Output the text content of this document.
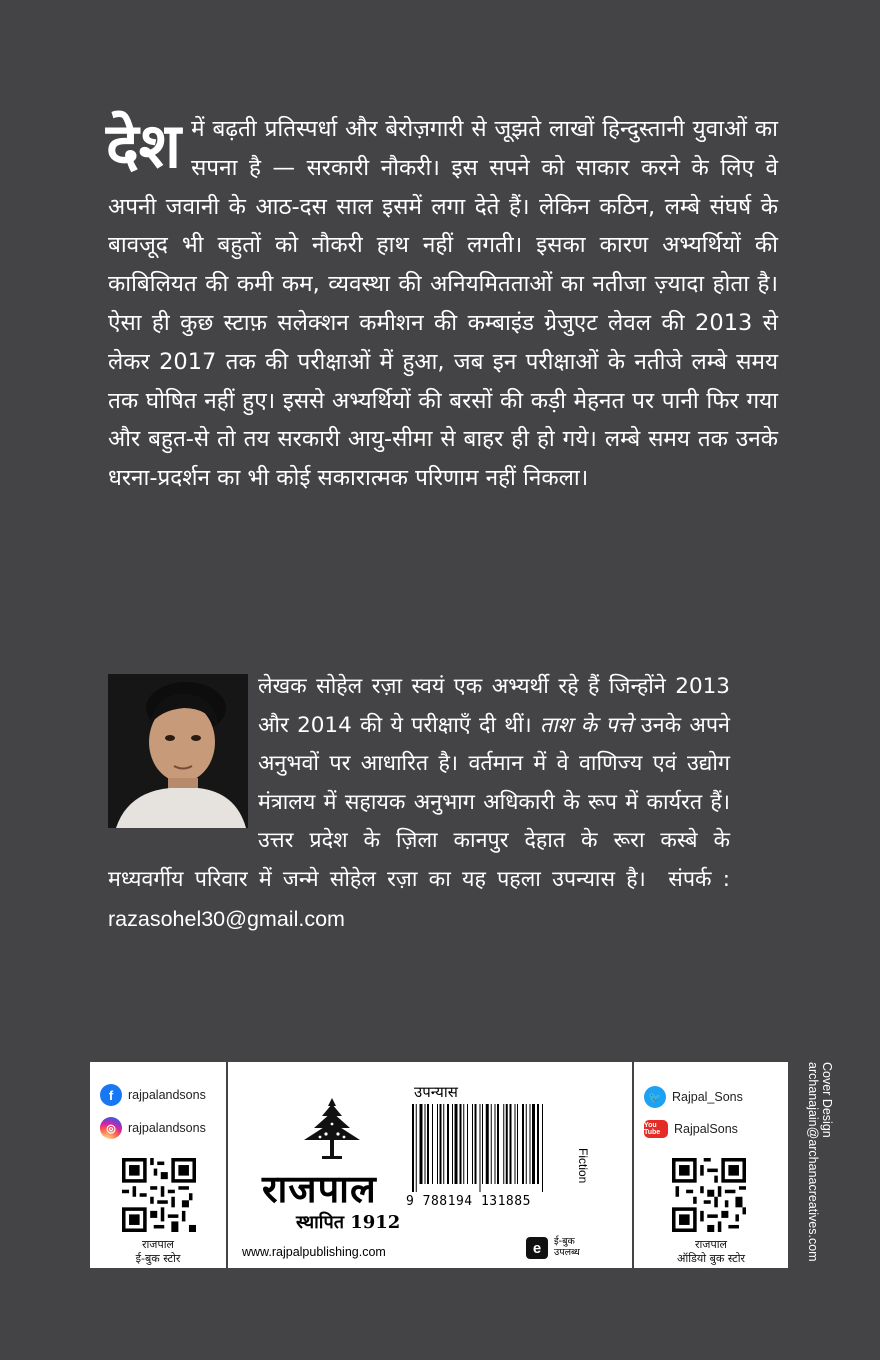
देश में बढ़ती प्रतिस्पर्धा और बेरोज़गारी से जूझते लाखों हिन्दुस्तानी युवाओं का सपना है — सरकारी नौकरी। इस सपने को साकार करने के लिए वे अपनी जवानी के आठ-दस साल इसमें लगा देते हैं। लेकिन कठिन, लम्बे संघर्ष के बावजूद भी बहुतों को नौकरी हाथ नहीं लगती। इसका कारण अभ्यर्थियों की काबिलियत की कमी कम, व्यवस्था की अनियमितताओं का नतीजा ज़्यादा होता है। ऐसा ही कुछ स्टाफ़ सलेक्शन कमीशन की कम्बाइंड ग्रेजुएट लेवल की 2013 से लेकर 2017 तक की परीक्षाओं में हुआ, जब इन परीक्षाओं के नतीजे लम्बे समय तक घोषित नहीं हुए। इससे अभ्यर्थियों की बरसों की कड़ी मेहनत पर पानी फिर गया और बहुत-से तो तय सरकारी आयु-सीमा से बाहर ही हो गये। लम्बे समय तक उनके धरना-प्रदर्शन का भी कोई सकारात्मक परिणाम नहीं निकला।

लेखक सोहेल रज़ा स्वयं एक अभ्यर्थी रहे हैं जिन्होंने 2013 और 2014 की ये परीक्षाएँ दी थीं। ताश के पत्ते उनके अपने अनुभवों पर आधारित है। वर्तमान में वे वाणिज्य एवं उद्योग मंत्रालय में सहायक अनुभाग अधिकारी के रूप में कार्यरत हैं। उत्तर प्रदेश के ज़िला कानपुर देहात के रूरा कस्बे के मध्यवर्गीय परिवार में जन्मे सोहेल रज़ा का यह पहला उपन्यास है। संपर्क : razasohel30@gmail.com

f	rajpalandsons
◎ rajpalandsons
राजपाल
ई-बुक स्टोर
राजपाल
स्थापित 1912
www.rajpalpublishing.com
उपन्यास
9 788194 131885
Fiction
e	ई-बुक
उपलब्ध
🐦 Rajpal_Sons
You Tube	RajpalSons
राजपाल
ऑडियो बुक स्टोर
Cover Design
archanajain@archanacreatives.com
